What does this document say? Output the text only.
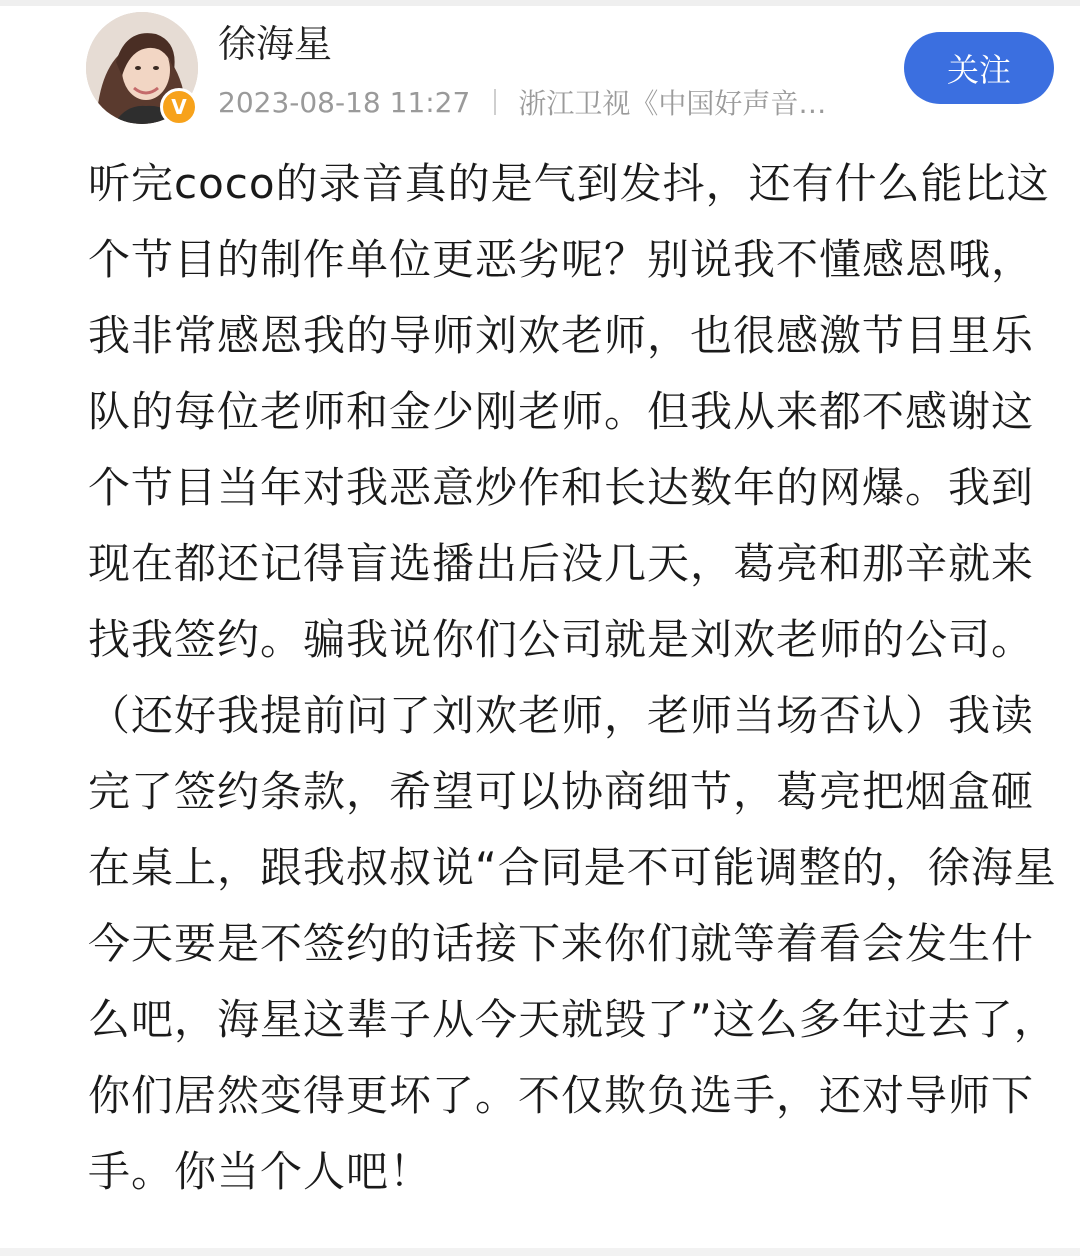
V
徐海星
2023-08-18 11:27 浙江卫视《中国好声音…
关注
听完coco的录音真的是气到发抖，还有什么能比这个节目的制作单位更恶劣呢？别说我不懂感恩哦，我非常感恩我的导师刘欢老师，也很感激节目里乐队的每位老师和金少刚老师。但我从来都不感谢这个节目当年对我恶意炒作和长达数年的网爆。我到现在都还记得盲选播出后没几天，葛亮和那辛就来找我签约。骗我说你们公司就是刘欢老师的公司。（还好我提前问了刘欢老师，老师当场否认）我读完了签约条款，希望可以协商细节，葛亮把烟盒砸在桌上，跟我叔叔说“合同是不可能调整的，徐海星今天要是不签约的话接下来你们就等着看会发生什么吧，海星这辈子从今天就毁了”这么多年过去了，你们居然变得更坏了。不仅欺负选手，还对导师下手。你当个人吧！
